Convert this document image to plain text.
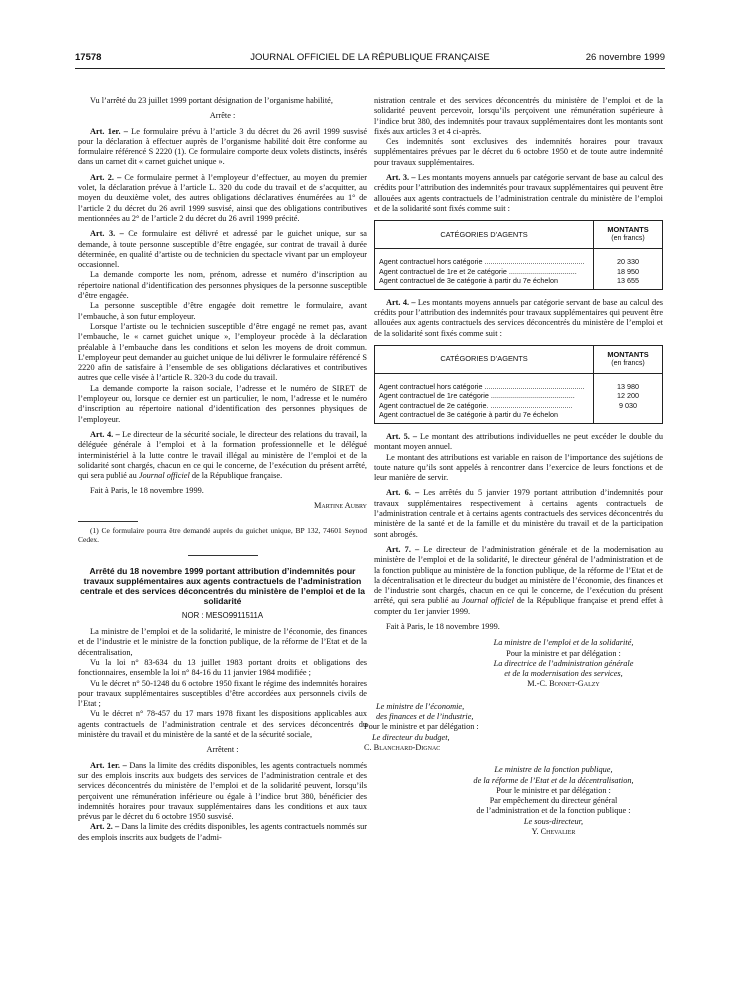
17578	JOURNAL OFFICIEL DE LA RÉPUBLIQUE FRANÇAISE	26 novembre 1999

Vu l’arrêté du 23 juillet 1999 portant désignation de l’organisme habilité,

Arrête :

Art. 1er. – Le formulaire prévu à l’article 3 du décret du 26 avril 1999 susvisé pour la déclaration à effectuer auprès de l’organisme habilité doit être conforme au formulaire référencé S 2220 (1). Ce formulaire comporte deux volets distincts, insérés dans un carnet dit « carnet guichet unique ».

Art. 2. – Ce formulaire permet à l’employeur d’effectuer, au moyen du premier volet, la déclaration prévue à l’article L. 320 du code du travail et de s’acquitter, au moyen du deuxième volet, des autres obligations déclaratives énumérées au 1° de l’article 2 du décret du 26 avril 1999 susvisé, ainsi que des obligations contributives mentionnées au 2° de l’article 2 du décret du 26 avril 1999 précité.

Art. 3. – Ce formulaire est délivré et adressé par le guichet unique, sur sa demande, à toute personne susceptible d’être engagée, sur contrat de travail à durée déterminée, en qualité d’artiste ou de technicien du spectacle vivant par un employeur occasionnel.

La demande comporte les nom, prénom, adresse et numéro d’inscription au répertoire national d’identification des personnes physiques de la personne susceptible d’être engagée.

La personne susceptible d’être engagée doit remettre le formulaire, avant l’embauche, à son futur employeur.

Lorsque l’artiste ou le technicien susceptible d’être engagé ne remet pas, avant l’embauche, le « carnet guichet unique », l’employeur procède à la déclaration préalable à l’embauche dans les conditions et selon les moyens de droit commun. L’employeur peut demander au guichet unique de lui délivrer le formulaire référencé S 2220 afin de satisfaire à l’ensemble de ses obligations déclaratives et contributives autres que celle visée à l’article R. 320-3 du code du travail.

La demande comporte la raison sociale, l’adresse et le numéro de SIRET de l’employeur ou, lorsque ce dernier est un particulier, le nom, l’adresse et le numéro d’inscription au répertoire national d’identification des personnes physiques de l’employeur.

Art. 4. – Le directeur de la sécurité sociale, le directeur des relations du travail, la déléguée générale à l’emploi et à la formation professionnelle et le délégué interministériel à la lutte contre le travail illégal au ministère de l’emploi et de la solidarité sont chargés, chacun en ce qui le concerne, de l’exécution du présent arrêté, qui sera publié au Journal officiel de la République française.

Fait à Paris, le 18 novembre 1999.

Martine Aubry

(1) Ce formulaire pourra être demandé auprès du guichet unique, BP 132, 74601 Seynod Cedex.

Arrêté du 18 novembre 1999 portant attribution d’indemnités pour travaux supplémentaires aux agents contractuels de l’administration centrale et des services déconcentrés du ministère de l’emploi et de la solidarité

NOR : MESO9911511A

La ministre de l’emploi et de la solidarité, le ministre de l’économie, des finances et de l’industrie et le ministre de la fonction publique, de la réforme de l’Etat et de la décentralisation,

Vu la loi n° 83-634 du 13 juillet 1983 portant droits et obligations des fonctionnaires, ensemble la loi n° 84-16 du 11 janvier 1984 modifiée ;

Vu le décret n° 50-1248 du 6 octobre 1950 fixant le régime des indemnités horaires pour travaux supplémentaires susceptibles d’être accordées aux personnels civils de l’Etat ;

Vu le décret n° 78-457 du 17 mars 1978 fixant les dispositions applicables aux agents contractuels de l’administration centrale et des services déconcentrés du ministère du travail et du ministère de la santé et de la sécurité sociale,

Arrêtent :

Art. 1er. – Dans la limite des crédits disponibles, les agents contractuels nommés sur des emplois inscrits aux budgets des services de l’administration centrale et des services déconcentrés du ministère de l’emploi et de la solidarité peuvent, lorsqu’ils perçoivent une rémunération inférieure ou égale à l’indice brut 380, bénéficier des indemnités horaires pour travaux supplémentaires dans les conditions et aux taux prévus par le décret du 6 octobre 1950 susvisé.

Art. 2. – Dans la limite des crédits disponibles, les agents contractuels nommés sur des emplois inscrits aux budgets de l’admi-

nistration centrale et des services déconcentrés du ministère de l’emploi et de la solidarité peuvent percevoir, lorsqu’ils perçoivent une rémunération supérieure à l’indice brut 380, des indemnités pour travaux supplémentaires dont les montants sont fixés aux articles 3 et 4 ci-après.

Ces indemnités sont exclusives des indemnités horaires pour travaux supplémentaires prévues par le décret du 6 octobre 1950 et de toute autre indemnité pour travaux supplémentaires.

Art. 3. – Les montants moyens annuels par catégorie servant de base au calcul des crédits pour l’attribution des indemnités pour travaux supplémentaires qui peuvent être allouées aux agents contractuels de l’administration centrale du ministère de l’emploi et de la solidarité sont fixés comme suit :

CATÉGORIES D’AGENTS	MONTANTS
(en francs)

Agent contractuel hors catégorie ..................................................	20 330
Agent contractuel de 1re et 2e catégorie ..................................	18 950
Agent contractuel de 3e catégorie à partir du 7e échelon	13 655

Art. 4. – Les montants moyens annuels par catégorie servant de base au calcul des crédits pour l’attribution des indemnités pour travaux supplémentaires qui peuvent être allouées aux agents contractuels des services déconcentrés du ministère de l’emploi et de la solidarité sont fixés comme suit :

CATÉGORIES D’AGENTS	MONTANTS
(en francs)

Agent contractuel hors catégorie ..................................................	13 980
Agent contractuel de 1re catégorie ..........................................	12 200
Agent contractuel de 2e catégorie. .........................................	9 030
Agent contractuel de 3e catégorie à partir du 7e échelon	

Art. 5. – Le montant des attributions individuelles ne peut excéder le double du montant moyen annuel.

Le montant des attributions est variable en raison de l’importance des sujétions de toute nature qu’ils sont appelés à rencontrer dans l’exercice de leurs fonctions et de leur manière de servir.

Art. 6. – Les arrêtés du 5 janvier 1979 portant attribution d’indemnités pour travaux supplémentaires respectivement à certains agents contractuels de l’administration centrale et à certains agents contractuels des services déconcentrés du ministère de la santé et de la famille et du ministère du travail et de la participation sont abrogés.

Art. 7. – Le directeur de l’administration générale et de la modernisation au ministère de l’emploi et de la solidarité, le directeur général de l’administration et de la fonction publique au ministère de la fonction publique, de la réforme de l’Etat et de la décentralisation et le directeur du budget au ministère de l’économie, des finances et de l’industrie sont chargés, chacun en ce qui le concerne, de l’exécution du présent arrêté, qui sera publié au Journal officiel de la République française et prend effet à compter du 1er janvier 1999.

Fait à Paris, le 18 novembre 1999.

La ministre de l’emploi et de la solidarité,
Pour la ministre et par délégation :
La directrice de l’administration générale
et de la modernisation des services,
M.-C. Bonnet-Galzy
Le ministre de l’économie,
des finances et de l’industrie,
Pour le ministre et par délégation :
Le directeur du budget,
C. Blanchard-Dignac
Le ministre de la fonction publique,
de la réforme de l’Etat et de la décentralisation,
Pour le ministre et par délégation :
Par empêchement du directeur général
de l’administration et de la fonction publique :
Le sous-directeur,
Y. Chevalier
